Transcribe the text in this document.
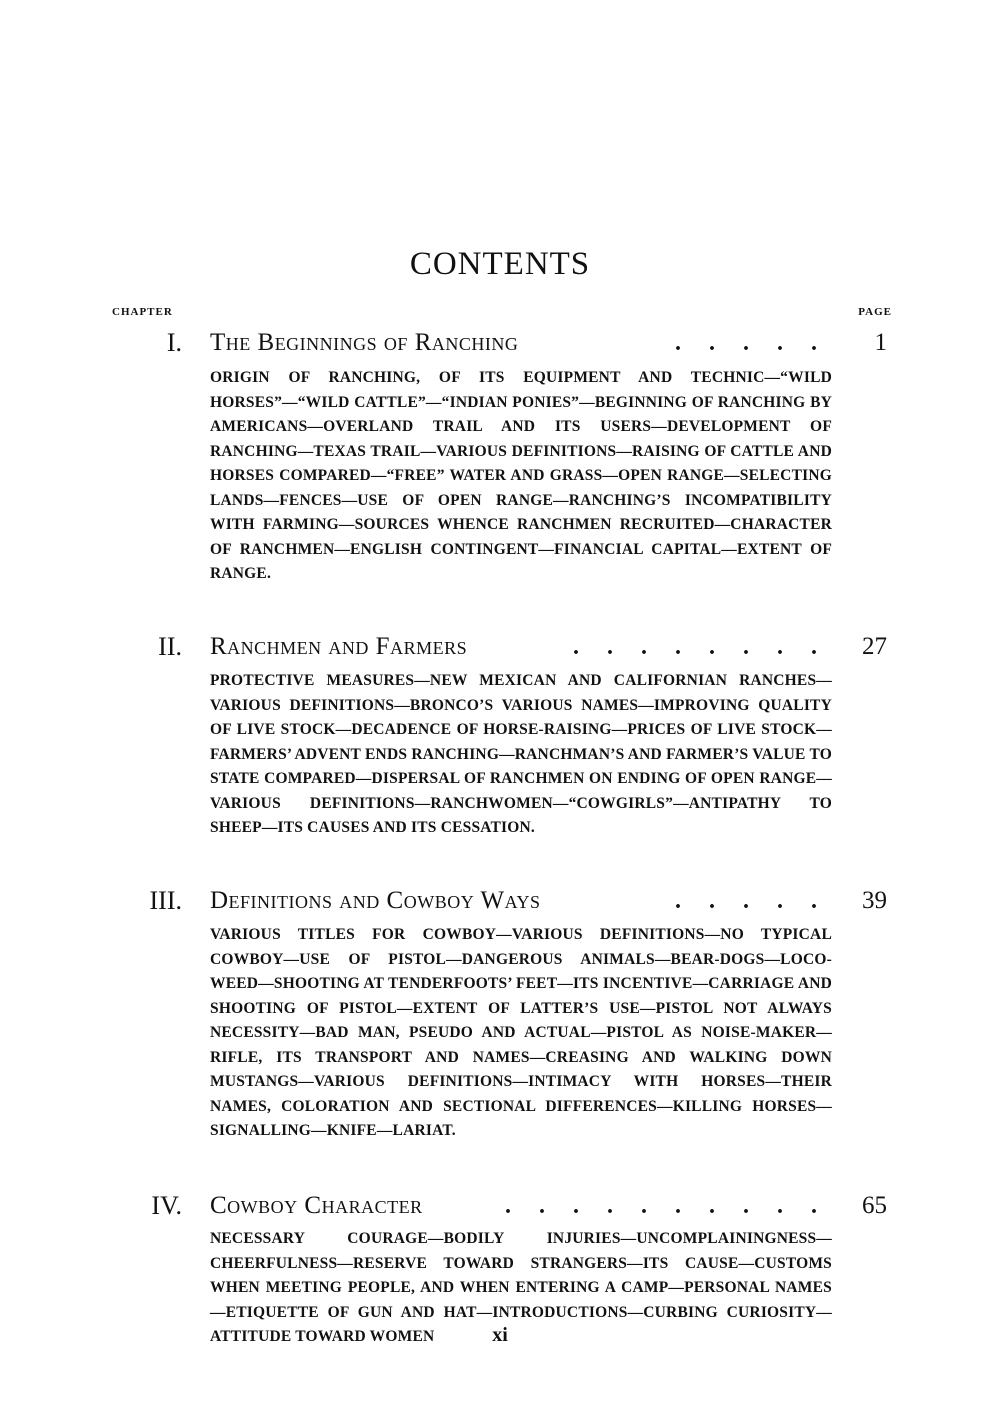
CONTENTS
CHAPTER	PAGE
I. The Beginnings of Ranching	. . . . . 1

ORIGIN OF RANCHING, OF ITS EQUIPMENT AND TECHNIC—“WILD HORSES”—“WILD CATTLE”—“INDIAN PONIES”—BEGINNING OF RANCHING BY AMERICANS—OVERLAND TRAIL AND ITS USERS—DEVELOPMENT OF RANCHING—TEXAS TRAIL—VARIOUS DEFINITIONS—RAISING OF CATTLE AND HORSES COMPARED—“FREE” WATER AND GRASS—OPEN RANGE—SELECTING LANDS—FENCES—USE OF OPEN RANGE—RANCHING’S INCOMPATIBILITY WITH FARMING—SOURCES WHENCE RANCHMEN RECRUITED—CHARACTER OF RANCHMEN—ENGLISH CONTINGENT—FINANCIAL CAPITAL—EXTENT OF RANGE.

II. Ranchmen and Farmers	. . . . . . . . 27

PROTECTIVE MEASURES—NEW MEXICAN AND CALIFORNIAN RANCHES—VARIOUS DEFINITIONS—BRONCO’S VARIOUS NAMES—IMPROVING QUALITY OF LIVE STOCK—DECADENCE OF HORSE-RAISING—PRICES OF LIVE STOCK—FARMERS’ ADVENT ENDS RANCHING—RANCHMAN’S AND FARMER’S VALUE TO STATE COMPARED—DISPERSAL OF RANCHMEN ON ENDING OF OPEN RANGE—VARIOUS DEFINITIONS—RANCHWOMEN—“COWGIRLS”—ANTIPATHY TO SHEEP—ITS CAUSES AND ITS CESSATION.

III. Definitions and Cowboy Ways	. . . . . 39

VARIOUS TITLES FOR COWBOY—VARIOUS DEFINITIONS—NO TYPICAL COWBOY—USE OF PISTOL—DANGEROUS ANIMALS—BEAR-DOGS—LOCO-WEED—SHOOTING AT TENDERFOOTS’ FEET—ITS INCENTIVE—CARRIAGE AND SHOOTING OF PISTOL—EXTENT OF LATTER’S USE—PISTOL NOT ALWAYS NECESSITY—BAD MAN, PSEUDO AND ACTUAL—PISTOL AS NOISE-MAKER—RIFLE, ITS TRANSPORT AND NAMES—CREASING AND WALKING DOWN MUSTANGS—VARIOUS DEFINITIONS—INTIMACY WITH HORSES—THEIR NAMES, COLORATION AND SECTIONAL DIFFERENCES—KILLING HORSES—SIGNALLING—KNIFE—LARIAT.

IV. Cowboy Character	. . . . . . . . . . 65

NECESSARY COURAGE—BODILY INJURIES—UNCOMPLAININGNESS—CHEERFULNESS—RESERVE TOWARD STRANGERS—ITS CAUSE—CUSTOMS WHEN MEETING PEOPLE, AND WHEN ENTERING A CAMP—PERSONAL NAMES—ETIQUETTE OF GUN AND HAT—INTRODUCTIONS—CURBING CURIOSITY—ATTITUDE TOWARD WOMEN	xi
